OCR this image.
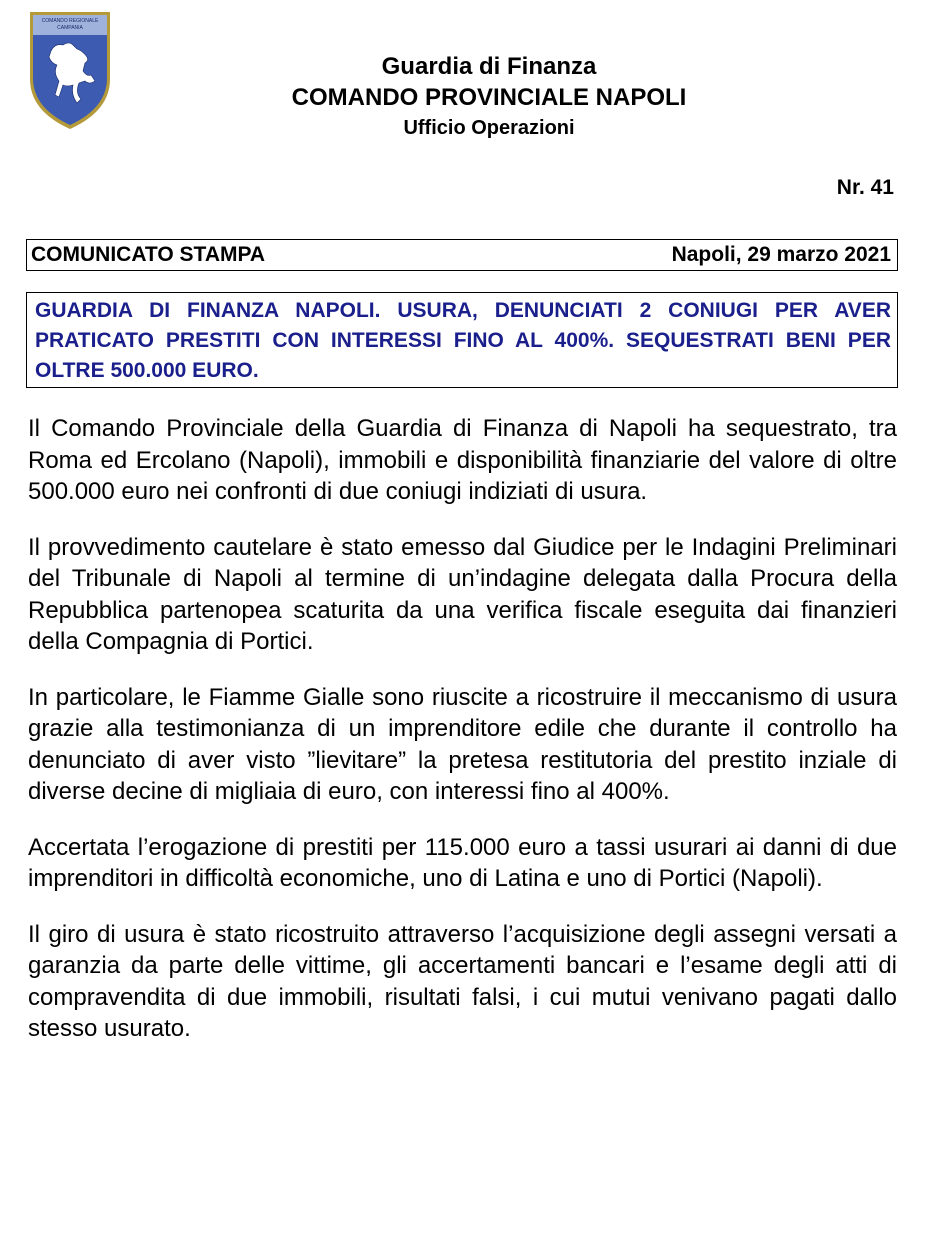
COMANDO REGIONALE
CAMPANIA
Guardia di Finanza
COMANDO PROVINCIALE NAPOLI
Ufficio Operazioni
Nr. 41
COMUNICATO STAMPA	Napoli, 29 marzo 2021
GUARDIA DI FINANZA NAPOLI. USURA, DENUNCIATI 2 CONIUGI PER AVER PRATICATO PRESTITI CON INTERESSI FINO AL 400%. SEQUESTRATI BENI PER OLTRE 500.000 EURO.

Il Comando Provinciale della Guardia di Finanza di Napoli ha sequestrato, tra Roma ed Ercolano (Napoli), immobili e disponibilità finanziarie del valore di oltre 500.000 euro nei confronti di due coniugi indiziati di usura.

Il provvedimento cautelare è stato emesso dal Giudice per le Indagini Preliminari del Tribunale di Napoli al termine di un’indagine delegata dalla Procura della Repubblica partenopea scaturita da una verifica fiscale eseguita dai finanzieri della Compagnia di Portici.

In particolare, le Fiamme Gialle sono riuscite a ricostruire il meccanismo di usura grazie alla testimonianza di un imprenditore edile che durante il controllo ha denunciato di aver visto ”lievitare” la pretesa restitutoria del prestito inziale di diverse decine di migliaia di euro, con interessi fino al 400%.

Accertata l’erogazione di prestiti per 115.000 euro a tassi usurari ai danni di due imprenditori in difficoltà economiche, uno di Latina e uno di Portici (Napoli).

Il giro di usura è stato ricostruito attraverso l’acquisizione degli assegni versati a garanzia da parte delle vittime, gli accertamenti bancari e l’esame degli atti di compravendita di due immobili, risultati falsi, i cui mutui venivano pagati dallo stesso usurato.
